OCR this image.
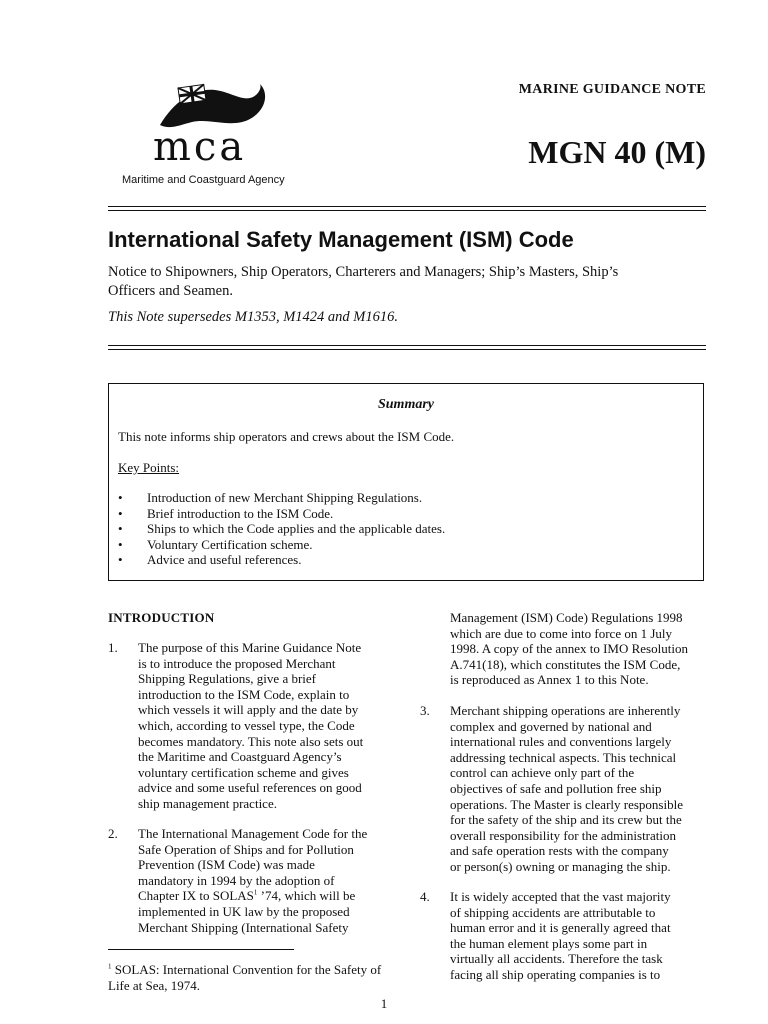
mca
Maritime and Coastguard Agency
MARINE GUIDANCE NOTE
MGN 40 (M)
International Safety Management (ISM) Code
Notice to Shipowners, Ship Operators, Charterers and Managers; Ship’s Masters, Ship’s Officers and Seamen.
This Note supersedes M1353, M1424 and M1616.
Summary
This note informs ship operators and crews about the ISM Code.
Key Points:
• Introduction of new Merchant Shipping Regulations.
• Brief introduction to the ISM Code.
• Ships to which the Code applies and the applicable dates.
• Voluntary Certification scheme.
• Advice and useful references.
INTRODUCTION
1. The purpose of this Marine Guidance Note
is to introduce the proposed Merchant
Shipping Regulations, give a brief
introduction to the ISM Code, explain to
which vessels it will apply and the date by
which, according to vessel type, the Code
becomes mandatory. This note also sets out
the Maritime and Coastguard Agency’s
voluntary certification scheme and gives
advice and some useful references on good
ship management practice.
2. The International Management Code for the
Safe Operation of Ships and for Pollution
Prevention (ISM Code) was made
mandatory in 1994 by the adoption of
Chapter IX to SOLAS$^1$ ’74, which will be
implemented in UK law by the proposed
Merchant Shipping (International Safety
Management (ISM) Code) Regulations 1998
which are due to come into force on 1 July
1998. A copy of the annex to IMO Resolution
A.741(18), which constitutes the ISM Code,
is reproduced as Annex 1 to this Note.
3. Merchant shipping operations are inherently
complex and governed by national and
international rules and conventions largely
addressing technical aspects. This technical
control can achieve only part of the
objectives of safe and pollution free ship
operations. The Master is clearly responsible
for the safety of the ship and its crew but the
overall responsibility for the administration
and safe operation rests with the company
or person(s) owning or managing the ship.
4. It is widely accepted that the vast majority
of shipping accidents are attributable to
human error and it is generally agreed that
the human element plays some part in
virtually all accidents. Therefore the task
facing all ship operating companies is to
$^1$ SOLAS: International Convention for the Safety of Life at Sea, 1974.
1
